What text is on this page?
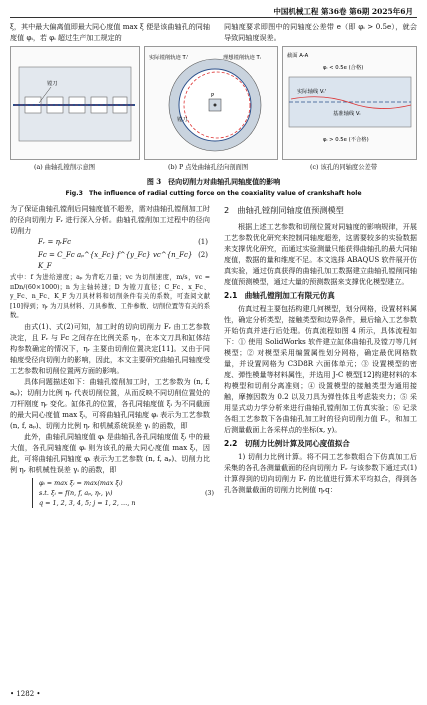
中国机械工程 第36卷 第6期 2025年6月

ξ，其中最大偏离值即最大同心度值 max ξ 便是该曲轴孔的同轴度值 φᵢ，若 φᵢ 超过生产加工规定的

同轴度要求即图中的同轴度公差带 e（即 φᵢ > 0.5e），就会导致同轴度误差。

镗刀
(a) 曲轴孔镗削示意图
P
实际镗削轨迹 Tᵢ'	理想镗削轨迹 Tᵢ
镗刀
(b) P 点处曲轴孔径向剖面图
截面 A-A
φᵢ < 0.5e (合格)
实际轴线 Vᵢ'
基准轴线 Vᵢ
φᵢ > 0.5e (不合格)
(c) 该孔的同轴度公差带
图 3　径向切削力对曲轴孔同轴度值的影响
Fig.3　The influence of radial cutting force on the coaxiality value of crankshaft hole

为了保证曲轴孔镗削后同轴度值不超差，需对曲轴孔镗削加工时的径向切削力 Fᵣ 进行深入分析。曲轴孔镗削加工过程中的径向切削力

Fᵣ = ηᵣFc	(1)
Fc = C_Fc aₚ^{x_Fc} f^{y_Fc} vc^{n_Fc} K_F
(2)

式中：f 为进给速度；aₚ 为背吃刀量；vc 为切削速度，m/s，vc = πDn/(60×1000)；n 为主轴转速；D 为镗刀直径；C_Fc、x_Fc、y_Fc、n_Fc、K_F 为刀具材料和切削条件有关的系数，可查阅文献[10]得到；ηᵣ 为刀具材料、刀具参数、工件参数、切削位置等有关的系数。

由式(1)、式(2)可知，加工时的切向切削力 Fᵣ 由工艺参数决定，且 Fᵣ 与 Fc 之间存在比例关系 ηᵣ，在本文刀具和缸体结构参数确定的情况下，ηᵣ 主要由切削位置决定[11]。又由于同轴度受径向切削力的影响，因此，本文主要研究曲轴孔同轴度受工艺参数和切削位置两方面的影响。

具体问题描述如下：曲轴孔镗削加工时，工艺参数为 (n, f, aₚ)；切削力比例 ηᵣ 代表切削位置，从而反映不同切削位置处的刀杆刚度 ηᵣ 变化。缸体孔的位置，各孔同轴度值 ξᵢ 为不同截面的最大同心度值 max ξᵢ，可将曲轴孔同轴度 φᵢ 表示为工艺参数 (n, f, aₚ)、切削力比例 ηᵣ 和机械系统误差 γᵢ 的函数，即

此外，曲轴孔同轴度值 φᵢ 是曲轴孔各孔同轴度值 ξᵢ 中的最大值，各孔同轴度值 φᵢ 则为该孔的最大同心度值 max ξᵢ，因此，可将曲轴孔同轴度 φᵢ 表示为工艺参数 (n, f, aₚ)、切削力比例 ηᵣ 和机械性误差 γᵢ 的函数，即

φᵢ = max ξᵢ = max(max ξᵢ)
s.t. ξᵢ = f(n, f, aₚ, ηᵣ, γᵢ)
q = 1, 2, 3, 4, 5; j = 1, 2, …, n
(3)
2　曲轴孔镗削同轴度值预测模型

根据上述工艺参数和切削位置对同轴度的影响规律，开展工艺参数优化研究来控制同轴度超差，这需要较多的实验数据来支撑优化研究，而通过实验测量只能获得曲轴孔的最大同轴度值，数据的量和维度不足。本文选择 ABAQUS 软件展开仿真实验，通过仿真获得的曲轴孔加工数据建立曲轴孔镗削同轴度值预测模型，通过大量的预测数据来支撑优化模型建立。

2.1　曲轴孔镗削加工有限元仿真

仿真过程主要包括构建几何模型，划分网格，设置材料属性，确定分析类型，接触类型和边界条件，最后输入工艺参数开始仿真并进行后处理。仿真流程如图 4 所示，具体流程如下：① 使用 SolidWorks 软件建立缸体曲轴孔及镗刀等几何模型；② 对模型采用编置属性划分网格，确定最优网格数量，并设置网格为 C3D8R 六面体单元；③ 设置模型的密度、弹性模量等材料属性，并选用 J-C 模型[12]构建材料的本构模型和切削分离准则；④ 设置模型的接触类型为通用接触，摩擦因数为 0.2 以及刀具为弹性体且考虑装夹力；⑤ 采用显式动力学分析来进行曲轴孔镗削加工仿真实验；⑥ 记录各组工艺参数下各曲轴孔加工时的径向切削力值 Fᵣ，和加工后测量截面上各采样点的坐标(x, y)。

2.2　切削力比例计算及同心度值拟合

1) 切削力比例计算。将不同工艺参数组合下仿真加工后采集的各孔各测量截面的径向切削力 Fᵣ 与该参数下通过式(1)计算得到的切向切削力 Fᵣ 的比值进行算术平均拟合，得到各孔各测量截面的切削力比例值 ηᵣq：

• 1282 •
